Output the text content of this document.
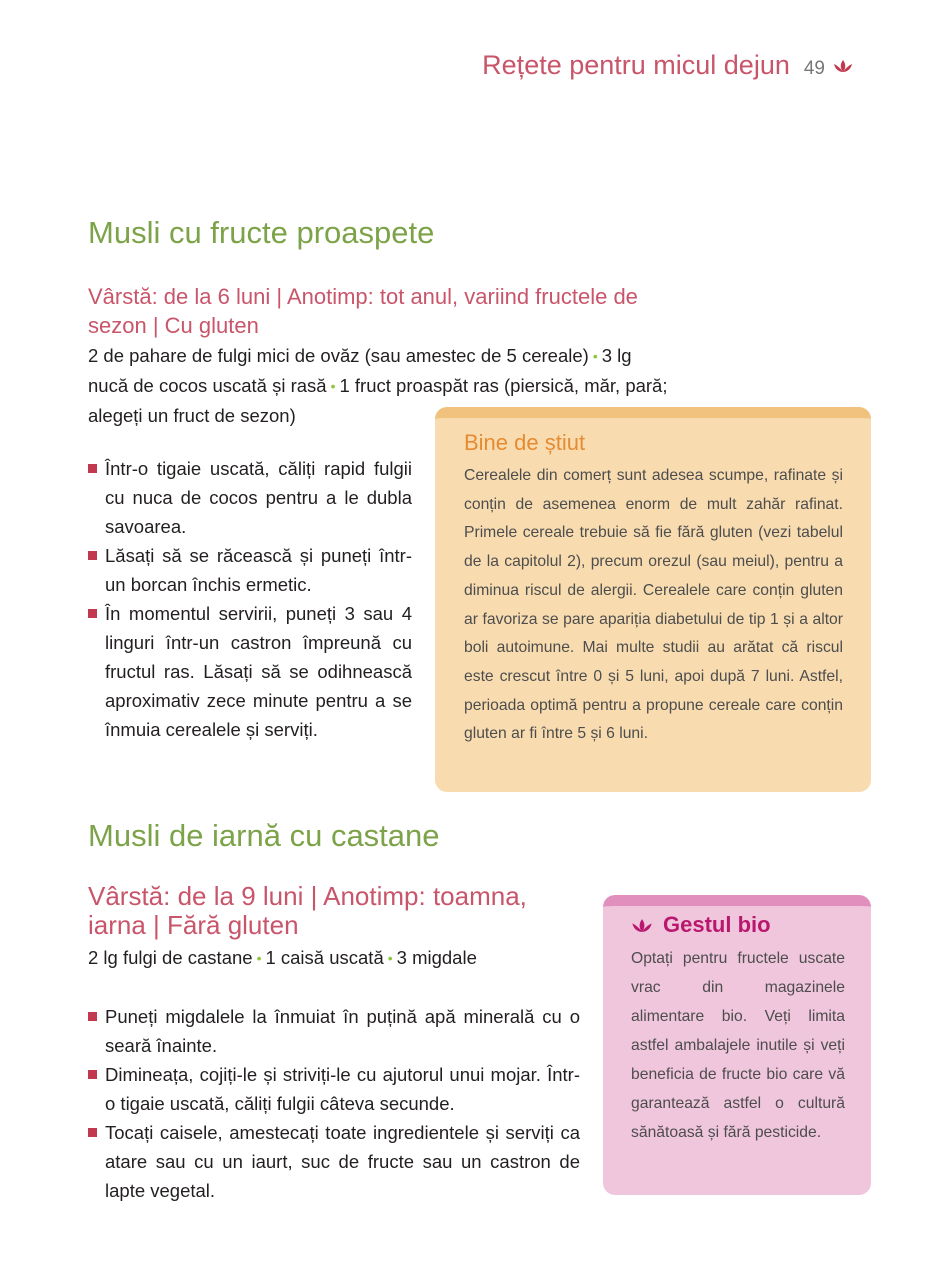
Rețete pentru micul dejun 49
Musli cu fructe proaspete
Vârstă: de la 6 luni | Anotimp: tot anul, variind fructele de
sezon | Cu gluten
2 de pahare de fulgi mici de ovăz (sau amestec de 5 cereale) • 3 lg
nucă de cocos uscată și rasă • 1 fruct proaspăt ras (piersică, măr, pară;
alegeți un fruct de sezon)
Într-o tigaie uscată, căliți rapid fulgii cu nuca de cocos pentru a le dubla savoarea.
Lăsați să se răcească și puneți într-un borcan închis ermetic.
În momentul servirii, puneți 3 sau 4 linguri într-un castron împreună cu fructul ras. Lăsați să se odihnească aproximativ zece minute pentru a se înmuia cerealele și serviți.
Bine de știut
Cerealele din comerț sunt adesea scumpe, rafinate și conțin de asemenea enorm de mult zahăr rafinat. Primele cereale trebuie să fie fără gluten (vezi tabelul de la capitolul 2), precum orezul (sau meiul), pentru a diminua riscul de alergii. Cerealele care conțin gluten ar favoriza se pare apariția diabetului de tip 1 și a altor boli autoimune. Mai multe studii au arătat că riscul este crescut între 0 și 5 luni, apoi după 7 luni. Astfel, perioada optimă pentru a propune cereale care conțin gluten ar fi între 5 și 6 luni.
Musli de iarnă cu castane
Vârstă: de la 9 luni | Anotimp: toamna,
iarna | Fără gluten
2 lg fulgi de castane • 1 caisă uscată • 3 migdale
Puneți migdalele la înmuiat în puțină apă minerală cu o seară înainte.
Dimineața, cojiți-le și striviți-le cu ajutorul unui mojar. Într-o tigaie uscată, căliți fulgii câteva secunde.
Tocați caisele, amestecați toate ingredientele și serviți ca atare sau cu un iaurt, suc de fructe sau un castron de lapte vegetal.
Gestul bio
Optați pentru fructele uscate vrac din magazinele alimentare bio. Veți limita astfel ambalajele inutile și veți beneficia de fructe bio care vă garantează astfel o cultură sănătoasă și fără pesticide.
